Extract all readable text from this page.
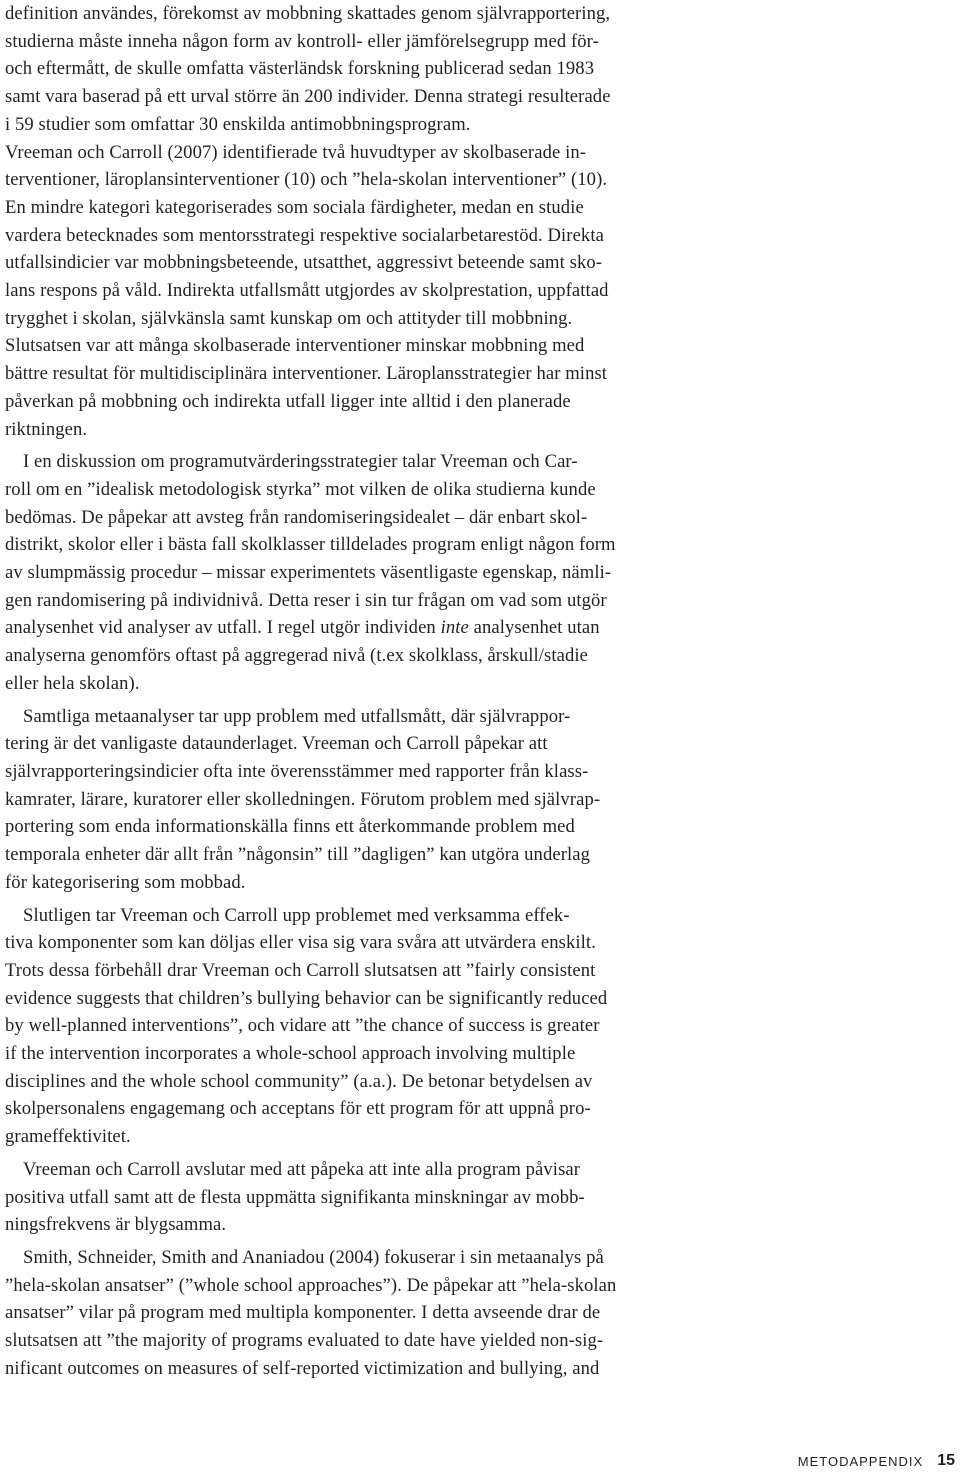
definition användes, förekomst av mobbning skattades genom självrapportering,
studierna måste inneha någon form av kontroll- eller jämförelsegrupp med för-
och eftermått, de skulle omfatta västerländsk forskning publicerad sedan 1983
samt vara baserad på ett urval större än 200 individer. Denna strategi resulterade
i 59 studier som omfattar 30 enskilda antimobbningsprogram.
Vreeman och Carroll (2007) identifierade två huvudtyper av skolbaserade in-
terventioner, läroplansinterventioner (10) och ”hela-skolan interventioner” (10).
En mindre kategori kategoriserades som sociala färdigheter, medan en studie
vardera betecknades som mentorsstrategi respektive socialarbetarestöd. Direkta
utfallsindicier var mobbningsbeteende, utsatthet, aggressivt beteende samt sko-
lans respons på våld. Indirekta utfallsmått utgjordes av skolprestation, uppfattad
trygghet i skolan, självkänsla samt kunskap om och attityder till mobbning.
Slutsatsen var att många skolbaserade interventioner minskar mobbning med
bättre resultat för multidisciplinära interventioner. Läroplansstrategier har minst
påverkan på mobbning och indirekta utfall ligger inte alltid i den planerade
riktningen.
I en diskussion om programutvärderingsstrategier talar Vreeman och Car-
roll om en ”idealisk metodologisk styrka” mot vilken de olika studierna kunde
bedömas. De påpekar att avsteg från randomiseringsidealet – där enbart skol-
distrikt, skolor eller i bästa fall skolklasser tilldelades program enligt någon form
av slumpmässig procedur – missar experimentets väsentligaste egenskap, nämli-
gen randomisering på individnivå. Detta reser i sin tur frågan om vad som utgör
analysenhet vid analyser av utfall. I regel utgör individen inte analysenhet utan
analyserna genomförs oftast på aggregerad nivå (t.ex skolklass, årskull/stadie
eller hela skolan).
Samtliga metaanalyser tar upp problem med utfallsmått, där självrappor-
tering är det vanligaste dataunderlaget. Vreeman och Carroll påpekar att
självrapporteringsindicier ofta inte överensstämmer med rapporter från klass-
kamrater, lärare, kuratorer eller skolledningen. Förutom problem med självrap-
portering som enda informationskälla finns ett återkommande problem med
temporala enheter där allt från ”någonsin” till ”dagligen” kan utgöra underlag
för kategorisering som mobbad.
Slutligen tar Vreeman och Carroll upp problemet med verksamma effek-
tiva komponenter som kan döljas eller visa sig vara svåra att utvärdera enskilt.
Trots dessa förbehåll drar Vreeman och Carroll slutsatsen att ”fairly consistent
evidence suggests that children’s bullying behavior can be significantly reduced
by well-planned interventions”, och vidare att ”the chance of success is greater
if the intervention incorporates a whole-school approach involving multiple
disciplines and the whole school community” (a.a.). De betonar betydelsen av
skolpersonalens engagemang och acceptans för ett program för att uppnå pro-
grameffektivitet.
Vreeman och Carroll avslutar med att påpeka att inte alla program påvisar
positiva utfall samt att de flesta uppmätta signifikanta minskningar av mobb-
ningsfrekvens är blygsamma.
Smith, Schneider, Smith and Ananiadou (2004) fokuserar i sin metaanalys på
”hela-skolan ansatser” (”whole school approaches”). De påpekar att ”hela-skolan
ansatser” vilar på program med multipla komponenter. I detta avseende drar de
slutsatsen att ”the majority of programs evaluated to date have yielded non-sig-
nificant outcomes on measures of self-reported victimization and bullying, and
METODAPPENDIX 15
